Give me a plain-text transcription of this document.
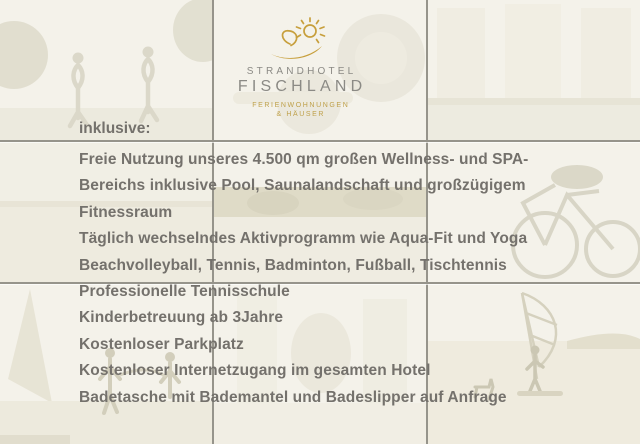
STRANDHOTEL
FISCHLAND
FERIENWOHNUNGEN
& HÄUSER

inklusive:

Freie Nutzung unseres 4.500 qm großen Wellness- und SPA-
Bereichs inklusive Pool, Saunalandschaft und großzügigem
Fitnessraum
Täglich wechselndes Aktivprogramm wie Aqua-Fit und Yoga
Beachvolleyball, Tennis, Badminton, Fußball, Tischtennis
Professionelle Tennisschule
Kinderbetreuung ab 3Jahre
Kostenloser Parkplatz
Kostenloser Internetzugang im gesamten Hotel
Badetasche mit Bademantel und Badeslipper auf Anfrage
